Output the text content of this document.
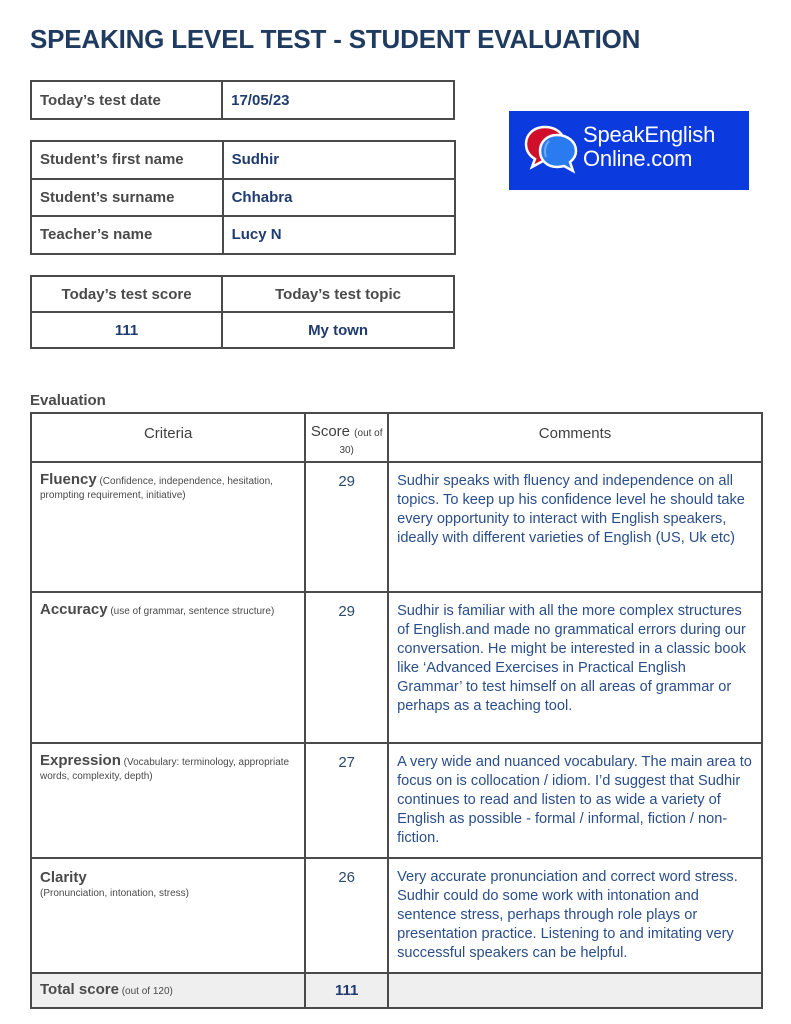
SPEAKING LEVEL TEST - STUDENT EVALUATION
Today’s test date	17/05/23
Student’s first name	Sudhir
Student’s surname	Chhabra
Teacher’s name	Lucy N
Today’s test score	Today’s test topic
111	My town
SpeakEnglish
Online.com
Evaluation
Criteria	Score (out of 30)	Comments
Fluency (Confidence, independence, hesitation, prompting requirement, initiative)	29	Sudhir speaks with fluency and independence on all topics. To keep up his confidence level he should take every opportunity to interact with English speakers, ideally with different varieties of English (US, Uk etc)
Accuracy (use of grammar, sentence structure)	29	Sudhir is familiar with all the more complex structures of English.and made no grammatical errors during our conversation. He might be interested in a classic book like ‘Advanced Exercises in Practical English Grammar’ to test himself on all areas of grammar or perhaps as a teaching tool.
Expression (Vocabulary: terminology, appropriate words, complexity, depth)	27	A very wide and nuanced vocabulary. The main area to focus on is collocation / idiom. I’d suggest that Sudhir continues to read and listen to as wide a variety of English as possible - formal / informal, fiction / non-fiction.

Clarity
(Pronunciation, intonation, stress)	26	Very accurate pronunciation and correct word stress. Sudhir could do some work with intonation and sentence stress, perhaps through role plays or presentation practice. Listening to and imitating very successful speakers can be helpful.
Total score (out of 120)	111	
